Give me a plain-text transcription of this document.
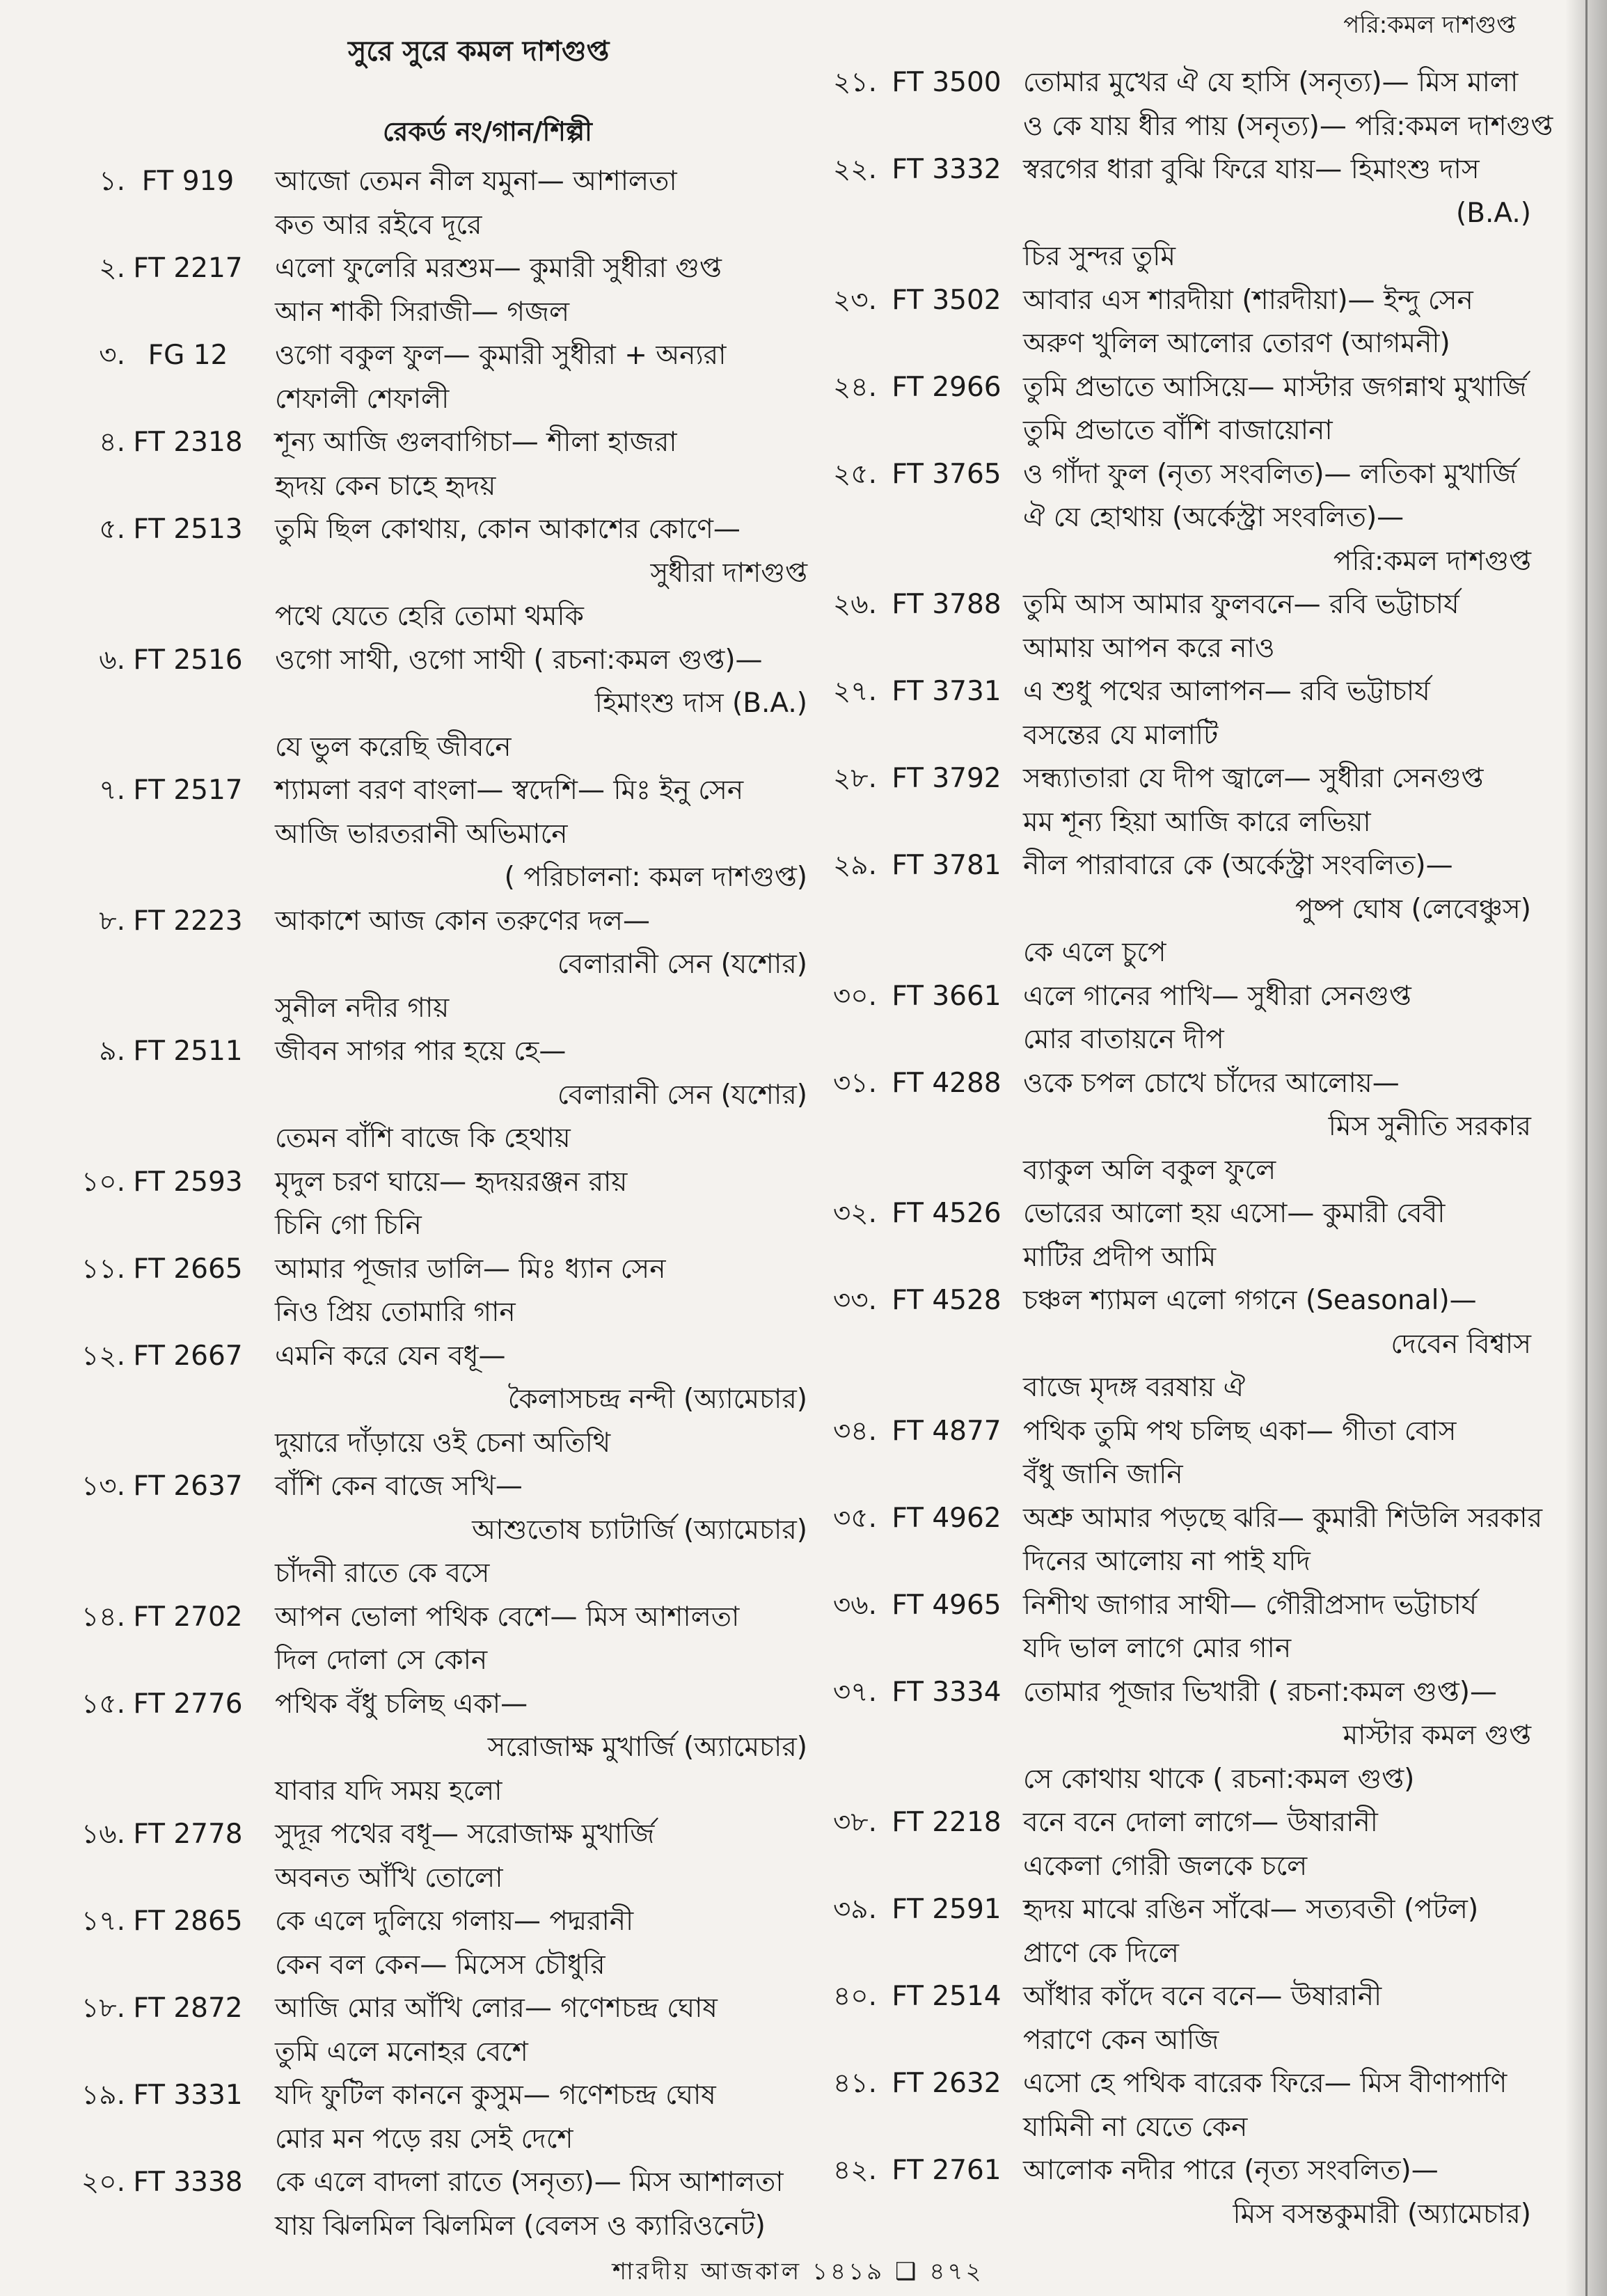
সুরে সুরে কমল দাশগুপ্ত
রেকর্ড নং/গান/শিল্পী
১. FT 919	আজো তেমন নীল যমুনা— আশালতা
কত আর রইবে দূরে
২. FT 2217	এলো ফুলেরি মরশুম— কুমারী সুধীরা গুপ্ত
আন শাকী সিরাজী— গজল
৩. FG 12	ওগো বকুল ফুল— কুমারী সুধীরা + অন্যরা
শেফালী শেফালী
৪. FT 2318	শূন্য আজি গুলবাগিচা— শীলা হাজরা
হৃদয় কেন চাহে হৃদয়
৫. FT 2513	তুমি ছিল কোথায়, কোন আকাশের কোণে—
সুধীরা দাশগুপ্ত
পথে যেতে হেরি তোমা থমকি
৬. FT 2516	ওগো সাথী, ওগো সাথী ( রচনা:কমল গুপ্ত)—
হিমাংশু দাস (B.A.)
যে ভুল করেছি জীবনে
৭. FT 2517	শ্যামলা বরণ বাংলা— স্বদেশি— মিঃ ইনু সেন
আজি ভারতরানী অভিমানে
( পরিচালনা: কমল দাশগুপ্ত)
৮. FT 2223	আকাশে আজ কোন তরুণের দল—
বেলারানী সেন (যশোর)
সুনীল নদীর গায়
৯. FT 2511	জীবন সাগর পার হয়ে হে—
বেলারানী সেন (যশোর)
তেমন বাঁশি বাজে কি হেথায়
১০. FT 2593	মৃদুল চরণ ঘায়ে— হৃদয়রঞ্জন রায়
চিনি গো চিনি
১১. FT 2665	আমার পূজার ডালি— মিঃ ধ্যান সেন
নিও প্রিয় তোমারি গান
১২. FT 2667	এমনি করে যেন বধূ—
কৈলাসচন্দ্র নন্দী (অ্যামেচার)
দুয়ারে দাঁড়ায়ে ওই চেনা অতিথি
১৩. FT 2637	বাঁশি কেন বাজে সখি—
আশুতোষ চ্যাটার্জি (অ্যামেচার)
চাঁদনী রাতে কে বসে
১৪. FT 2702	আপন ভোলা পথিক বেশে— মিস আশালতা
দিল দোলা সে কোন
১৫. FT 2776	পথিক বঁধু চলিছ একা—
সরোজাক্ষ মুখার্জি (অ্যামেচার)
যাবার যদি সময় হলো
১৬. FT 2778	সুদূর পথের বধূ— সরোজাক্ষ মুখার্জি
অবনত আঁখি তোলো
১৭. FT 2865	কে এলে দুলিয়ে গলায়— পদ্মরানী
কেন বল কেন— মিসেস চৌধুরি
১৮. FT 2872	আজি মোর আঁখি লোর— গণেশচন্দ্র ঘোষ
তুমি এলে মনোহর বেশে
১৯. FT 3331	যদি ফুটিল কাননে কুসুম— গণেশচন্দ্র ঘোষ
মোর মন পড়ে রয় সেই দেশে
২০. FT 3338	কে এলে বাদলা রাতে (সনৃত্য)— মিস আশালতা
যায় ঝিলমিল ঝিলমিল (বেলস ও ক্যারিওনেট)
পরি:কমল দাশগুপ্ত
২১. FT 3500 তোমার মুখের ঐ যে হাসি (সনৃত্য)— মিস মালা
ও কে যায় ধীর পায় (সনৃত্য)— পরি:কমল দাশগুপ্ত
২২. FT 3332 স্বরগের ধারা বুঝি ফিরে যায়— হিমাংশু দাস
(B.A.)
চির সুন্দর তুমি
২৩. FT 3502 আবার এস শারদীয়া (শারদীয়া)— ইন্দু সেন
অরুণ খুলিল আলোর তোরণ (আগমনী)
২৪. FT 2966 তুমি প্রভাতে আসিয়ে— মাস্টার জগন্নাথ মুখার্জি
তুমি প্রভাতে বাঁশি বাজায়োনা
২৫. FT 3765 ও গাঁদা ফুল (নৃত্য সংবলিত)— লতিকা মুখার্জি
ঐ যে হোথায় (অর্কেস্ট্রা সংবলিত)—
পরি:কমল দাশগুপ্ত
২৬. FT 3788 তুমি আস আমার ফুলবনে— রবি ভট্টাচার্য
আমায় আপন করে নাও
২৭. FT 3731 এ শুধু পথের আলাপন— রবি ভট্টাচার্য
বসন্তের যে মালাটি
২৮. FT 3792 সন্ধ্যাতারা যে দীপ জ্বালে— সুধীরা সেনগুপ্ত
মম শূন্য হিয়া আজি কারে লভিয়া
২৯. FT 3781 নীল পারাবারে কে (অর্কেস্ট্রা সংবলিত)—
পুষ্প ঘোষ (লেবেঞ্চুস)
কে এলে চুপে
৩০. FT 3661 এলে গানের পাখি— সুধীরা সেনগুপ্ত
মোর বাতায়নে দীপ
৩১. FT 4288 ওকে চপল চোখে চাঁদের আলোয়—
মিস সুনীতি সরকার
ব্যাকুল অলি বকুল ফুলে
৩২. FT 4526 ভোরের আলো হয় এসো— কুমারী বেবী
মাটির প্রদীপ আমি
৩৩. FT 4528 চঞ্চল শ্যামল এলো গগনে (Seasonal)—
দেবেন বিশ্বাস
বাজে মৃদঙ্গ বরষায় ঐ
৩৪. FT 4877 পথিক তুমি পথ চলিছ একা— গীতা বোস
বঁধু জানি জানি
৩৫. FT 4962 অশ্রু আমার পড়ছে ঝরি— কুমারী শিউলি সরকার
দিনের আলোয় না পাই যদি
৩৬. FT 4965 নিশীথ জাগার সাথী— গৌরীপ্রসাদ ভট্টাচার্য
যদি ভাল লাগে মোর গান
৩৭. FT 3334 তোমার পূজার ভিখারী ( রচনা:কমল গুপ্ত)—
মাস্টার কমল গুপ্ত
সে কোথায় থাকে ( রচনা:কমল গুপ্ত)
৩৮. FT 2218 বনে বনে দোলা লাগে— উষারানী
একেলা গোরী জলকে চলে
৩৯. FT 2591 হৃদয় মাঝে রঙিন সাঁঝে— সত্যবতী (পটল)
প্রাণে কে দিলে
৪০. FT 2514 আঁধার কাঁদে বনে বনে— উষারানী
পরাণে কেন আজি
৪১. FT 2632 এসো হে পথিক বারেক ফিরে— মিস বীণাপাণি
যামিনী না যেতে কেন
৪২. FT 2761 আলোক নদীর পারে (নৃত্য সংবলিত)—
মিস বসন্তকুমারী (অ্যামেচার)
শারদীয় আজকাল ১৪১৯ ❑ ৪৭২
